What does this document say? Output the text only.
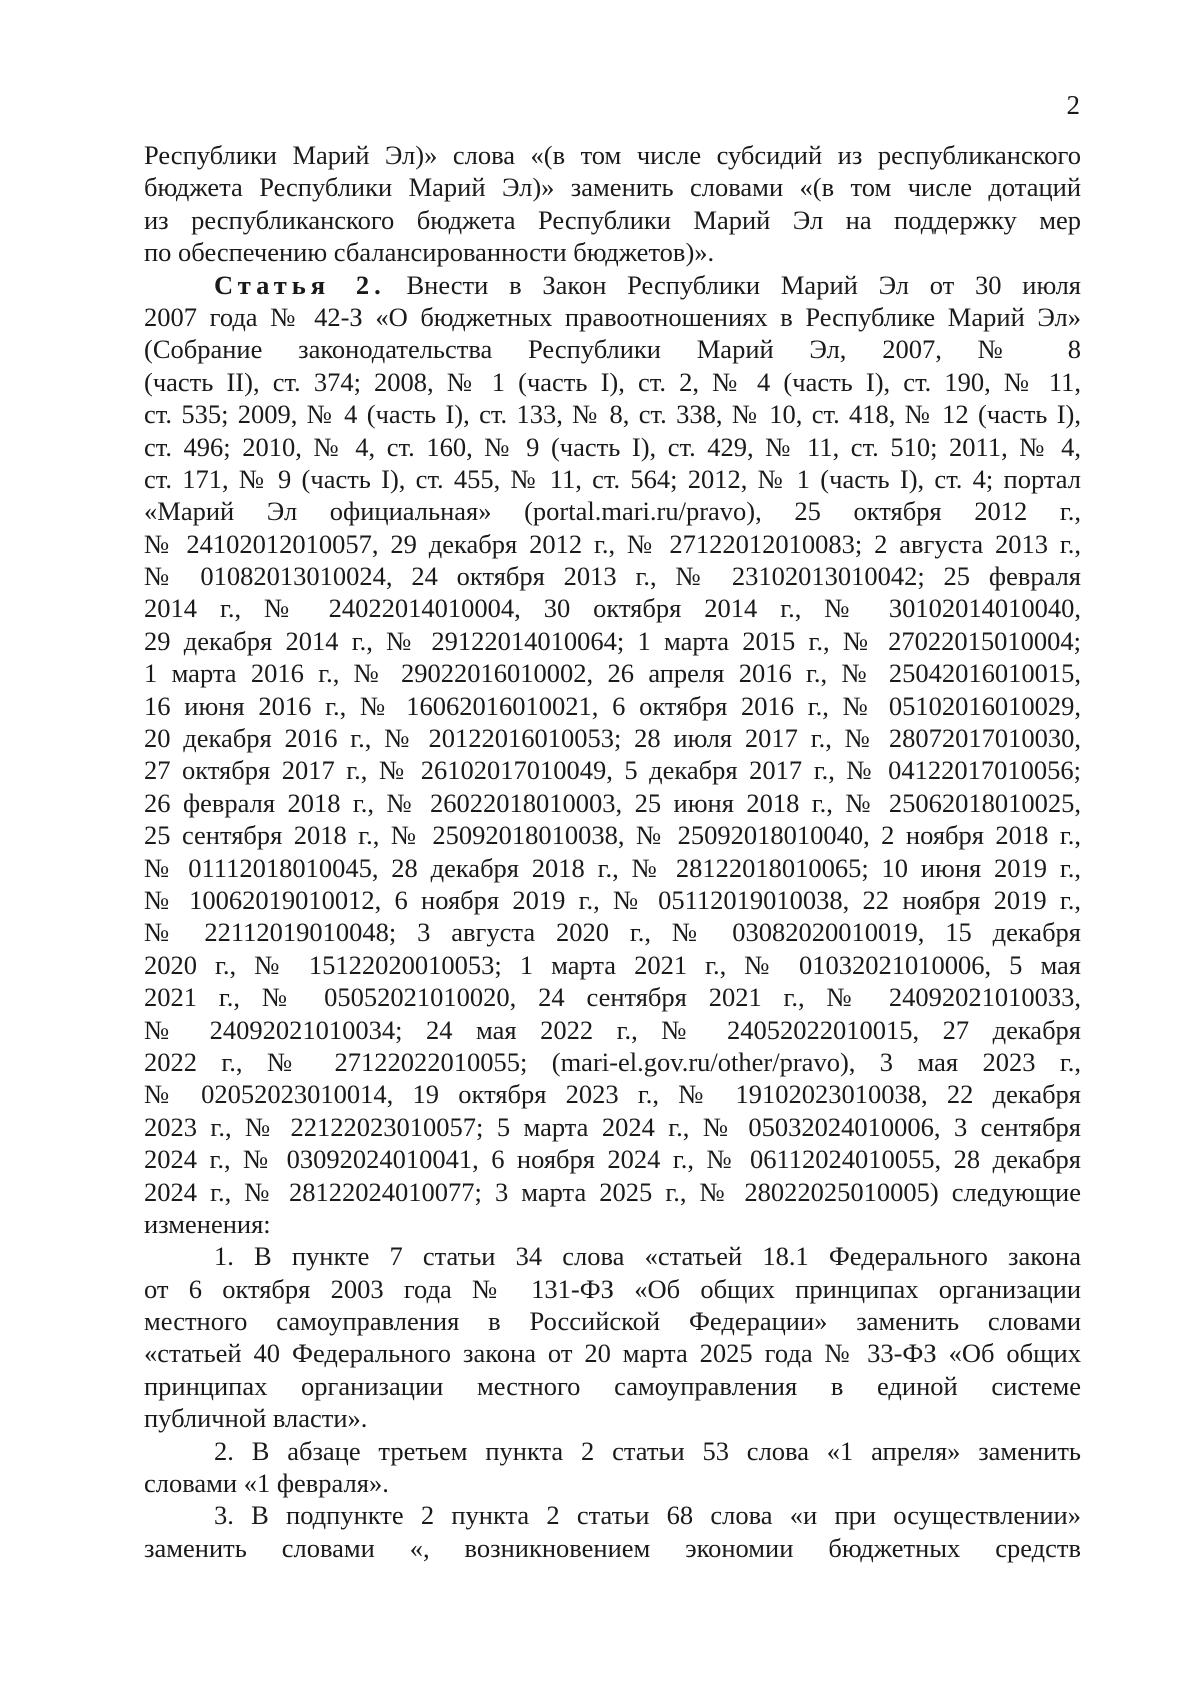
2
Республики Марий Эл)» слова «(в том числе субсидий из республиканского
бюджета Республики Марий Эл)» заменить словами «(в том числе дотаций
из республиканского бюджета Республики Марий Эл на поддержку мер
по обеспечению сбалансированности бюджетов)».
Статья 2. Внести в Закон Республики Марий Эл от 30 июля
2007 года № 42-З «О бюджетных правоотношениях в Республике Марий Эл»
(Собрание законодательства Республики Марий Эл, 2007, № 8
(часть II), ст. 374; 2008, № 1 (часть I), ст. 2, № 4 (часть I), ст. 190, № 11,
ст. 535; 2009, № 4 (часть I), ст. 133, № 8, ст. 338, № 10, ст. 418, № 12 (часть I),
ст. 496; 2010, № 4, ст. 160, № 9 (часть I), ст. 429, № 11, ст. 510; 2011, № 4,
ст. 171, № 9 (часть I), ст. 455, № 11, ст. 564; 2012, № 1 (часть I), ст. 4; портал
«Марий Эл официальная» (portal.mari.ru/pravo), 25 октября 2012 г.,
№ 24102012010057, 29 декабря 2012 г., № 27122012010083; 2 августа 2013 г.,
№ 01082013010024, 24 октября 2013 г., № 23102013010042; 25 февраля
2014 г., № 24022014010004, 30 октября 2014 г., № 30102014010040,
29 декабря 2014 г., № 29122014010064; 1 марта 2015 г., № 27022015010004;
1 марта 2016 г., № 29022016010002, 26 апреля 2016 г., № 25042016010015,
16 июня 2016 г., № 16062016010021, 6 октября 2016 г., № 05102016010029,
20 декабря 2016 г., № 20122016010053; 28 июля 2017 г., № 28072017010030,
27 октября 2017 г., № 26102017010049, 5 декабря 2017 г., № 04122017010056;
26 февраля 2018 г., № 26022018010003, 25 июня 2018 г., № 25062018010025,
25 сентября 2018 г., № 25092018010038, № 25092018010040, 2 ноября 2018 г.,
№ 01112018010045, 28 декабря 2018 г., № 28122018010065; 10 июня 2019 г.,
№ 10062019010012, 6 ноября 2019 г., № 05112019010038, 22 ноября 2019 г.,
№ 22112019010048; 3 августа 2020 г., № 03082020010019, 15 декабря
2020 г., № 15122020010053; 1 марта 2021 г., № 01032021010006, 5 мая
2021 г., № 05052021010020, 24 сентября 2021 г., № 24092021010033,
№ 24092021010034; 24 мая 2022 г., № 24052022010015, 27 декабря
2022 г., № 27122022010055; (mari-el.gov.ru/other/pravo), 3 мая 2023 г.,
№ 02052023010014, 19 октября 2023 г., № 19102023010038, 22 декабря
2023 г., № 22122023010057; 5 марта 2024 г., № 05032024010006, 3 сентября
2024 г., № 03092024010041, 6 ноября 2024 г., № 06112024010055, 28 декабря
2024 г., № 28122024010077; 3 марта 2025 г., № 28022025010005) следующие
изменения:
1. В пункте 7 статьи 34 слова «статьей 18.1 Федерального закона
от 6 октября 2003 года № 131-ФЗ «Об общих принципах организации
местного самоуправления в Российской Федерации» заменить словами
«статьей 40 Федерального закона от 20 марта 2025 года № 33-ФЗ «Об общих
принципах организации местного самоуправления в единой системе
публичной власти».
2. В абзаце третьем пункта 2 статьи 53 слова «1 апреля» заменить
словами «1 февраля».
3. В подпункте 2 пункта 2 статьи 68 слова «и при осуществлении»
заменить словами «, возникновением экономии бюджетных средств
